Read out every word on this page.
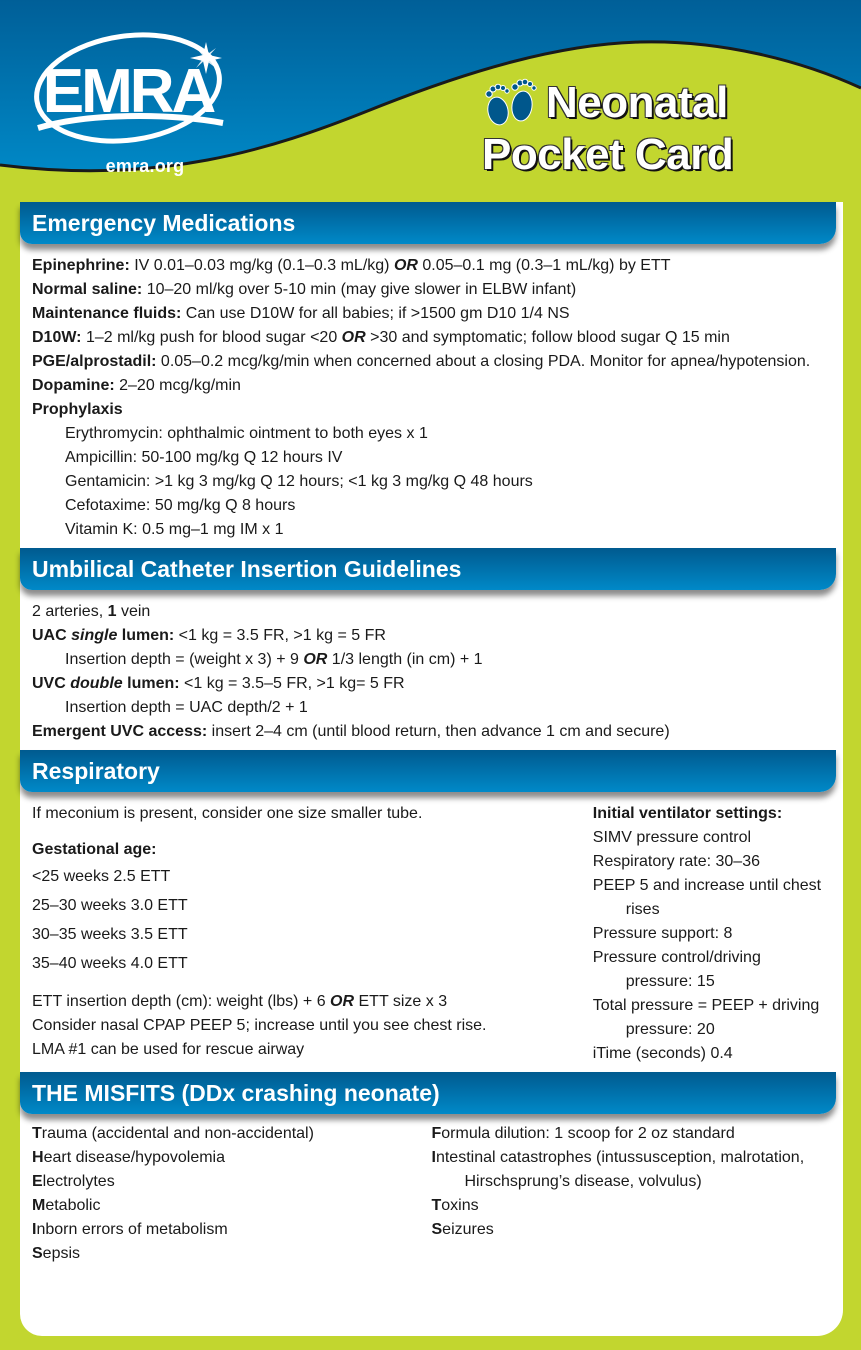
EMRA
emra.org
Neonatal
Pocket Card
Emergency Medications
Epinephrine: IV 0.01–0.03 mg/kg (0.1–0.3 mL/kg) OR 0.05–0.1 mg (0.3–1 mL/kg) by ETT
Normal saline: 10–20 ml/kg over 5-10 min (may give slower in ELBW infant)
Maintenance fluids: Can use D10W for all babies; if >1500 gm D10 1/4 NS
D10W: 1–2 ml/kg push for blood sugar <20 OR >30 and symptomatic; follow blood sugar Q 15 min
PGE/alprostadil: 0.05–0.2 mcg/kg/min when concerned about a closing PDA. Monitor for apnea/hypotension.
Dopamine: 2–20 mcg/kg/min
Prophylaxis
Erythromycin: ophthalmic ointment to both eyes x 1
Ampicillin: 50-100 mg/kg Q 12 hours IV
Gentamicin: >1 kg 3 mg/kg Q 12 hours; <1 kg 3 mg/kg Q 48 hours
Cefotaxime: 50 mg/kg Q 8 hours
Vitamin K: 0.5 mg–1 mg IM x 1
Umbilical Catheter Insertion Guidelines
2 arteries, 1 vein
UAC single lumen: <1 kg = 3.5 FR, >1 kg = 5 FR
Insertion depth = (weight x 3) + 9 OR 1/3 length (in cm) + 1
UVC double lumen: <1 kg = 3.5–5 FR, >1 kg= 5 FR
Insertion depth = UAC depth/2 + 1
Emergent UVC access: insert 2–4 cm (until blood return, then advance 1 cm and secure)
Respiratory
If meconium is present, consider one size smaller tube.
Gestational age:
<25 weeks 2.5 ETT
25–30 weeks 3.0 ETT
30–35 weeks 3.5 ETT
35–40 weeks 4.0 ETT
ETT insertion depth (cm): weight (lbs) + 6 OR ETT size x 3
Consider nasal CPAP PEEP 5; increase until you see chest rise.
LMA #1 can be used for rescue airway
Initial ventilator settings:
SIMV pressure control
Respiratory rate: 30–36
PEEP 5 and increase until chest rises
Pressure support: 8
Pressure control/driving pressure: 15
Total pressure = PEEP + driving pressure: 20
iTime (seconds) 0.4
THE MISFITS (DDx crashing neonate)
Trauma (accidental and non-accidental)
Heart disease/hypovolemia
Electrolytes
Metabolic
Inborn errors of metabolism
Sepsis
Formula dilution: 1 scoop for 2 oz standard
Intestinal catastrophes (intussusception, malrotation, Hirschsprung’s disease, volvulus)
Toxins
Seizures
